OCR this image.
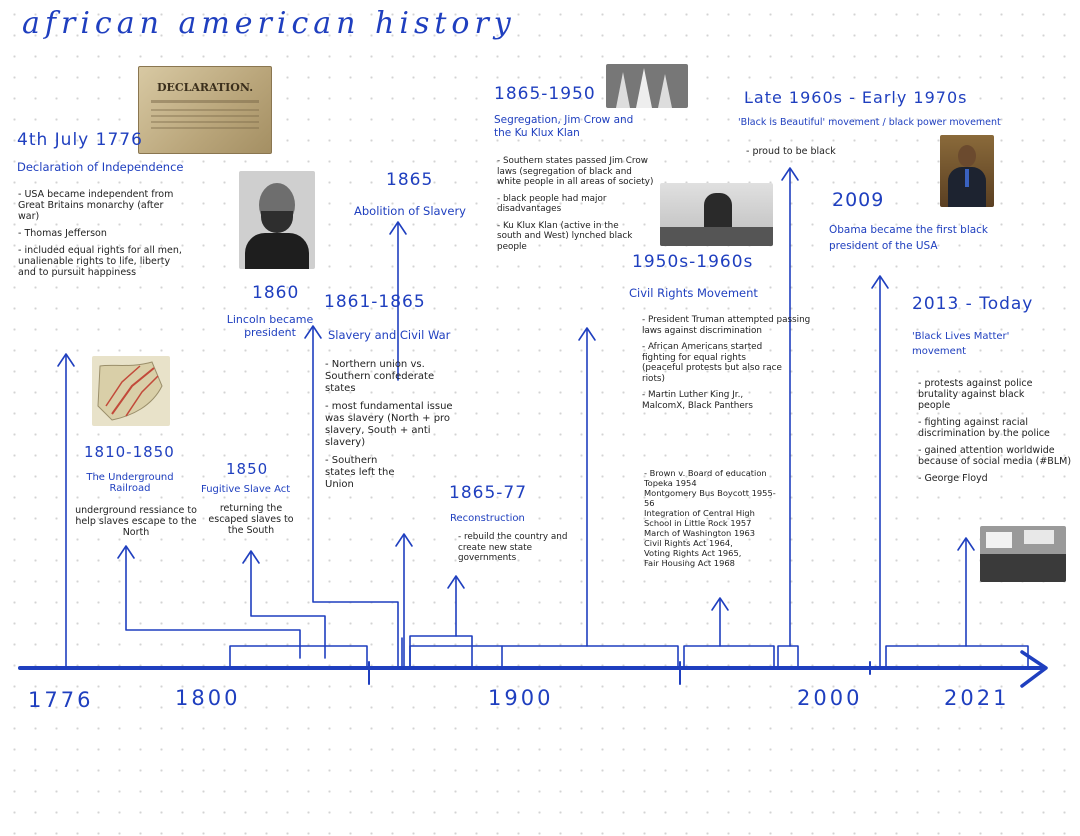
african american history
1776	1800	1900	2000	2021
DECLARATION.
4th July 1776
Declaration of Independence
- USA became independent from Great Britains monarchy (after war)
- Thomas Jefferson
- included equal rights for all men, unalienable rights to life, liberty and to pursuit happiness
1810-1850
The Underground Railroad
underground ressiance to help slaves escape to the North
1850
Fugitive Slave Act
returning the escaped slaves to the South
1860
Lincoln became president
1865
Abolition of Slavery
1861-1865
Slavery and Civil War
- Northern union vs. Southern confederate states
- most fundamental issue was slavery (North + pro slavery, South + anti slavery)
- Southern states left the Union	1865-77
Reconstruction
- rebuild the country and create new state governments
1865-1950
Segregation, Jim Crow and the Ku Klux Klan
- Southern states passed Jim Crow laws (segregation of black and white people in all areas of society)
- black people had major disadvantages
- Ku Klux Klan (active in the south and West) lynched black people
1950s-1960s
Civil Rights Movement
- President Truman attempted passing laws against discrimination
- African Americans started fighting for equal rights (peaceful protests but also race riots)
- Martin Luther King Jr., MalcomX, Black Panthers
- Brown v. Board of education Topeka 1954
Montgomery Bus Boycott 1955-56
Integration of Central High School in Little Rock 1957
March of Washington 1963
Civil Rights Act 1964,
Voting Rights Act 1965,
Fair Housing Act 1968
Late 1960s - Early 1970s
'Black is Beautiful' movement / black power movement
- proud to be black
2009
Obama became the first black president of the USA
2013 - Today
'Black Lives Matter' movement
- protests against police brutality against black people
- fighting against racial discrimination by the police
- gained attention worldwide because of social media (#BLM)
- George Floyd
